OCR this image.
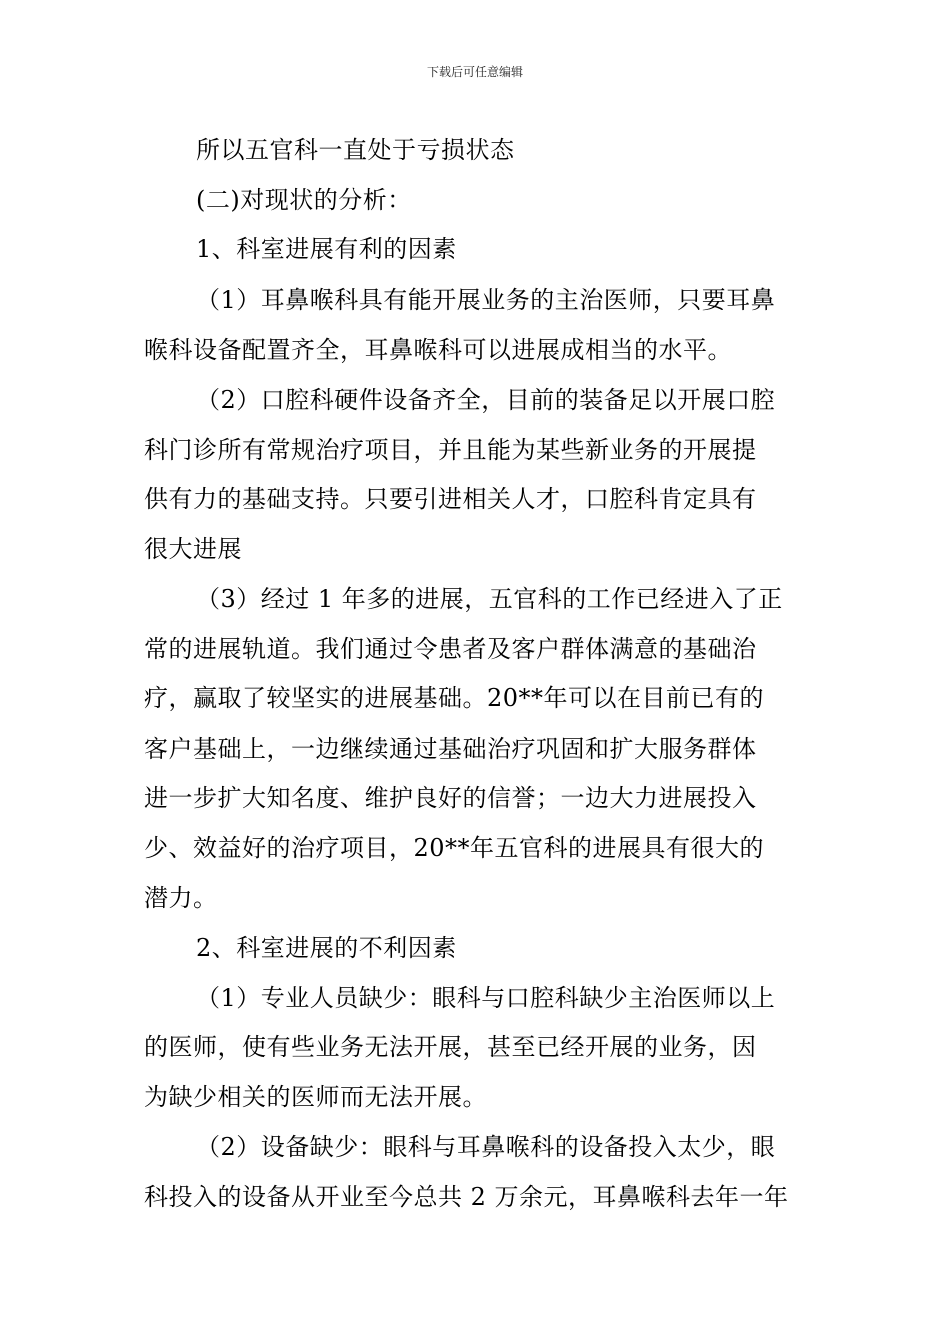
下载后可任意编辑
所以五官科一直处于亏损状态
(二)对现状的分析：
1、科室进展有利的因素
（1）耳鼻喉科具有能开展业务的主治医师，只要耳鼻
喉科设备配置齐全，耳鼻喉科可以进展成相当的水平。
（2）口腔科硬件设备齐全，目前的装备足以开展口腔
科门诊所有常规治疗项目，并且能为某些新业务的开展提
供有力的基础支持。只要引进相关人才，口腔科肯定具有
很大进展
（3）经过 1 年多的进展，五官科的工作已经进入了正
常的进展轨道。我们通过令患者及客户群体满意的基础治
疗，赢取了较坚实的进展基础。20**年可以在目前已有的
客户基础上，一边继续通过基础治疗巩固和扩大服务群体
进一步扩大知名度、维护良好的信誉；一边大力进展投入
少、效益好的治疗项目，20**年五官科的进展具有很大的
潜力。
2、科室进展的不利因素
（1）专业人员缺少：眼科与口腔科缺少主治医师以上
的医师，使有些业务无法开展，甚至已经开展的业务，因
为缺少相关的医师而无法开展。
（2）设备缺少：眼科与耳鼻喉科的设备投入太少，眼
科投入的设备从开业至今总共 2 万余元，耳鼻喉科去年一年
